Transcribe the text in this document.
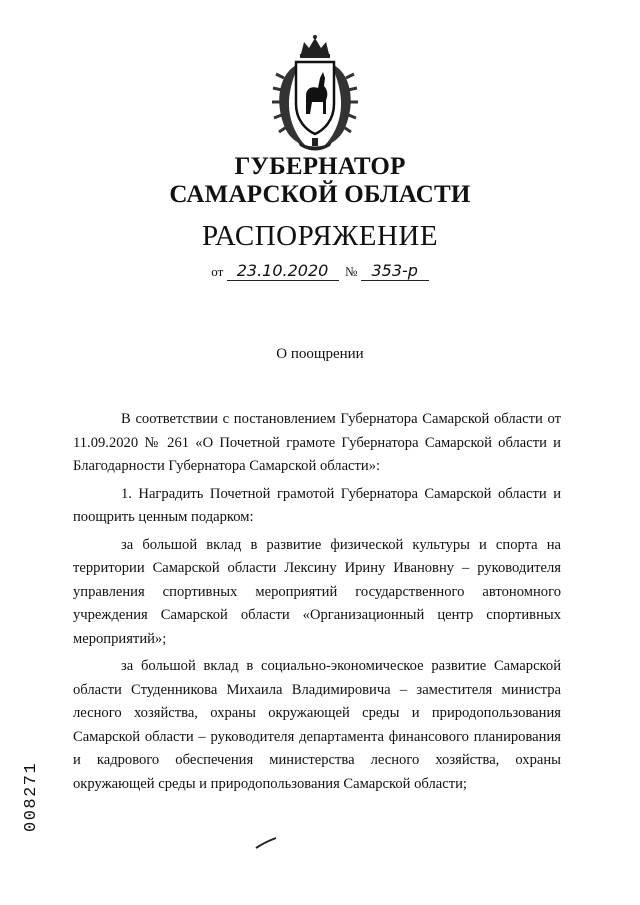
ГУБЕРНАТОР
САМАРСКОЙ ОБЛАСТИ
РАСПОРЯЖЕНИЕ
от 23.10.2020 № 353-р
О поощрении

В соответствии с постановлением Губернатора Самарской области от 11.09.2020 № 261 «О Почетной грамоте Губернатора Самарской области и Благодарности Губернатора Самарской области»:

1. Наградить Почетной грамотой Губернатора Самарской области и поощрить ценным подарком:

за большой вклад в развитие физической культуры и спорта на территории Самарской области Лексину Ирину Ивановну – руководителя управления спортивных мероприятий государственного автономного учреждения Самарской области «Организационный центр спортивных мероприятий»;

за большой вклад в социально-экономическое развитие Самарской области Студенникова Михаила Владимировича – заместителя министра лесного хозяйства, охраны окружающей среды и природопользования Самарской области – руководителя департамента финансового планирования и кадрового обеспечения министерства лесного хозяйства, охраны окружающей среды и природопользования Самарской области;

008271
